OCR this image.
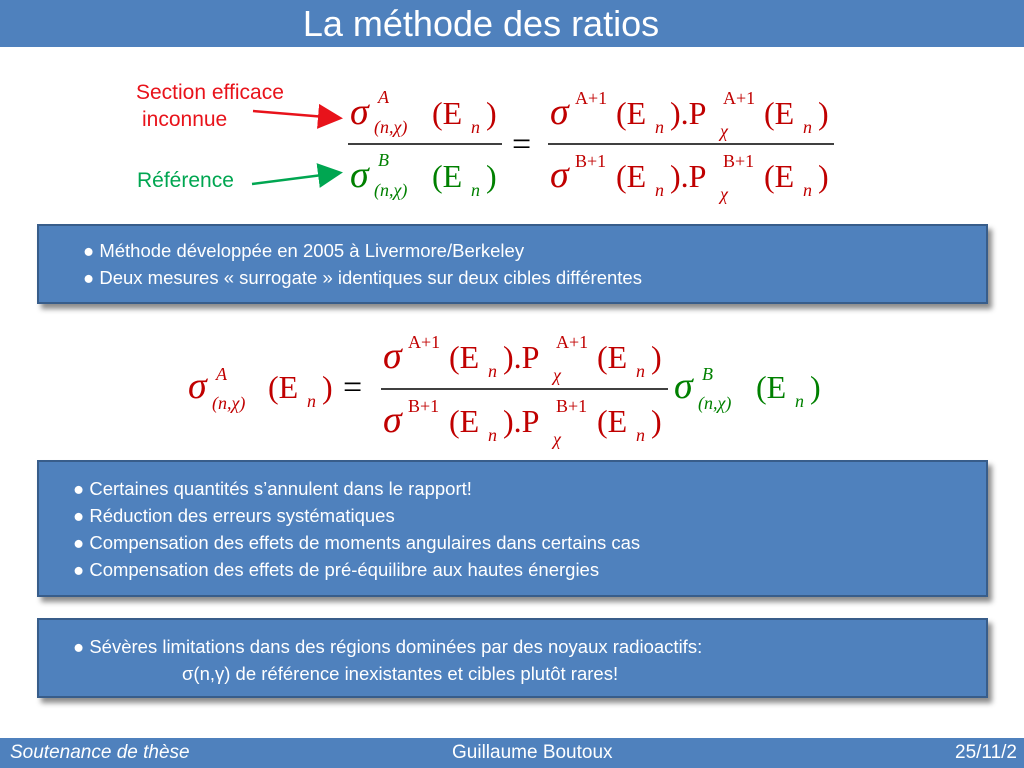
La méthode des ratios
Section efficace
inconnue
Référence
σ A
(n,χ) (E n )
σ B
(n,χ) (E n )
=
σ A+1 (E n ).P A+1
χ (E n )
σ B+1 (E n ).P B+1
χ (E n )
● Méthode développée en 2005 à Livermore/Berkeley
● Deux mesures « surrogate » identiques sur deux cibles différentes
σ A
(n,χ) (E n ) =
σ A+1 (E n ).P A+1
χ (E n )
σ B+1 (E n ).P B+1
χ (E n )
σ B
(n,χ) (E n )
● Certaines quantités s’annulent dans le rapport!
● Réduction des erreurs systématiques
● Compensation des effets de moments angulaires dans certains cas
● Compensation des effets de pré-équilibre aux hautes énergies
● Sévères limitations dans des régions dominées par des noyaux radioactifs:
σ(n,γ) de référence inexistantes et cibles plutôt rares!
Soutenance de thèse	Guillaume Boutoux	25/11/2
